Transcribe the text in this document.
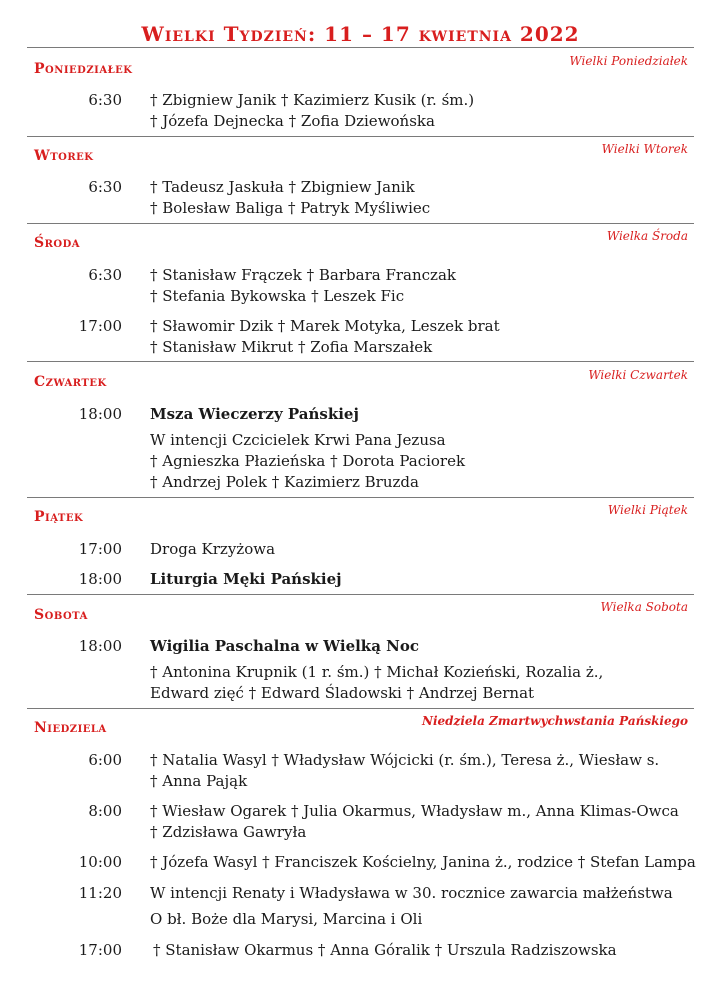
Wielki Tydzień: 11 – 17 kwietnia 2022
Poniedziałek	Wielki Poniedziałek
6:30 † Zbigniew Janik † Kazimierz Kusik (r. śm.)
† Józefa Dejnecka † Zofia Dziewońska
Wtorek	Wielki Wtorek
6:30 † Tadeusz Jaskuła † Zbigniew Janik
† Bolesław Baliga † Patryk Myśliwiec
Środa	Wielka Środa
6:30 † Stanisław Frączek † Barbara Franczak
† Stefania Bykowska † Leszek Fic
17:00 † Sławomir Dzik † Marek Motyka, Leszek brat
† Stanisław Mikrut † Zofia Marszałek
Czwartek	Wielki Czwartek
18:00 Msza Wieczerzy Pańskiej
W intencji Czcicielek Krwi Pana Jezusa
† Agnieszka Płazieńska † Dorota Paciorek
† Andrzej Polek † Kazimierz Bruzda
Piątek	Wielki Piątek
17:00 Droga Krzyżowa
18:00 Liturgia Męki Pańskiej
Sobota	Wielka Sobota
18:00 Wigilia Paschalna w Wielką Noc
† Antonina Krupnik (1 r. śm.) † Michał Kozieński, Rozalia ż.,
Edward zięć † Edward Śladowski † Andrzej Bernat
Niedziela	Niedziela Zmartwychwstania Pańskiego
6:00 † Natalia Wasyl † Władysław Wójcicki (r. śm.), Teresa ż., Wiesław s.
† Anna Pająk
8:00 † Wiesław Ogarek † Julia Okarmus, Władysław m., Anna Klimas-Owca
† Zdzisława Gawryła
10:00 † Józefa Wasyl † Franciszek Kościelny, Janina ż., rodzice † Stefan Lampa
11:20 W intencji Renaty i Władysława w 30. rocznice zawarcia małżeństwa
O bł. Boże dla Marysi, Marcina i Oli
17:00 † Stanisław Okarmus † Anna Góralik † Urszula Radziszowska
